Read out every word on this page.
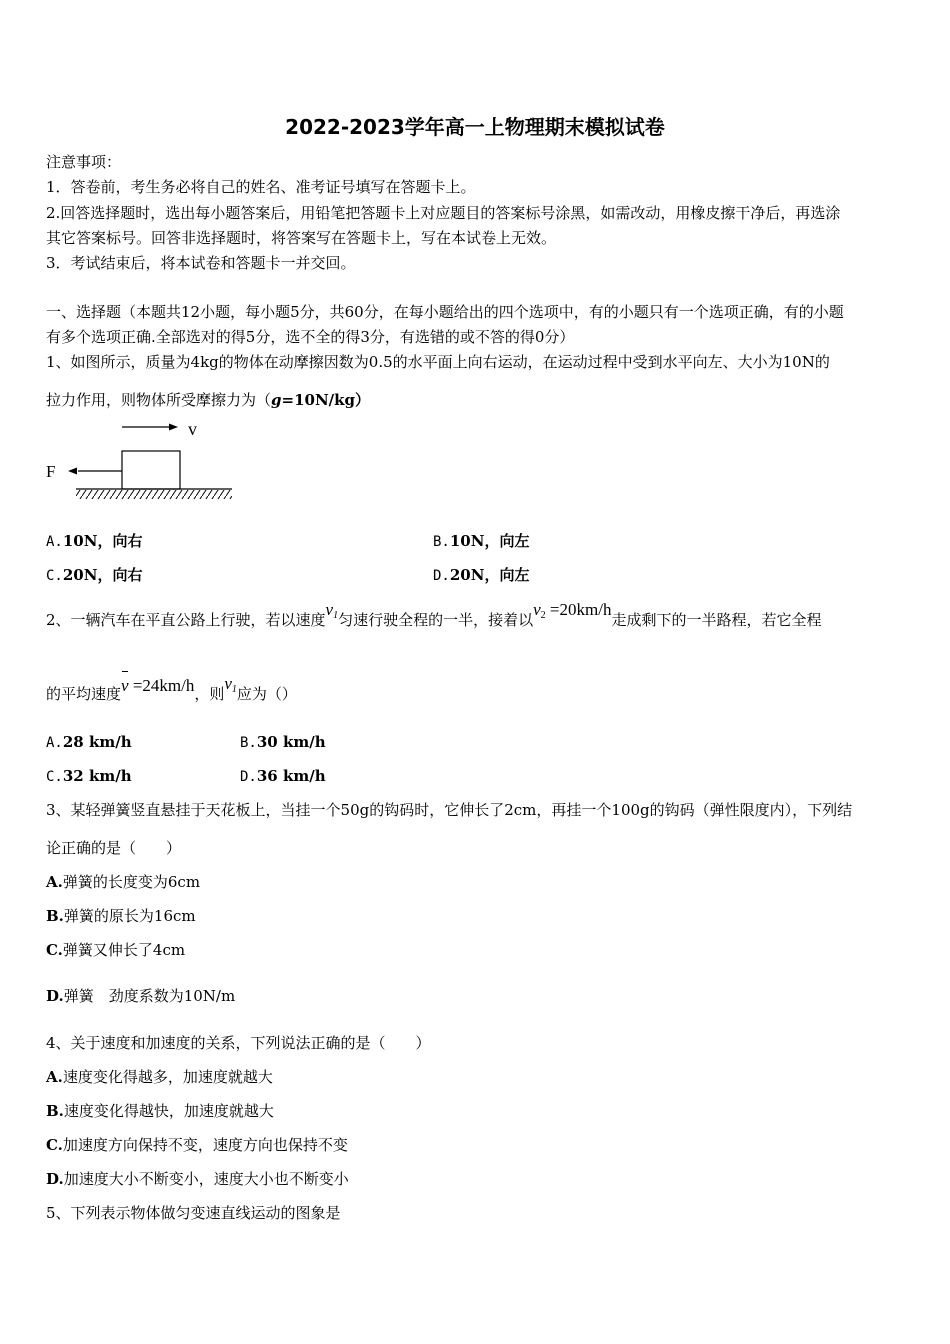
2022-2023学年高一上物理期末模拟试卷
注意事项：
1．答卷前，考生务必将自己的姓名、准考证号填写在答题卡上。
2.回答选择题时，选出每小题答案后，用铅笔把答题卡上对应题目的答案标号涂黑，如需改动，用橡皮擦干净后，再选涂
其它答案标号。回答非选择题时，将答案写在答题卡上，写在本试卷上无效。
3．考试结束后，将本试卷和答题卡一并交回。
一、选择题（本题共12小题，每小题5分，共60分，在每小题给出的四个选项中，有的小题只有一个选项正确，有的小题
有多个选项正确.全部选对的得5分，选不全的得3分，有选错的或不答的得0分）
1、如图所示，质量为4kg的物体在动摩擦因数为0.5的水平面上向右运动，在运动过程中受到水平向左、大小为10N的
拉力作用，则物体所受摩擦力为（g=10N/kg）
v
F
A.10N，向右	B.10N，向左
C.20N，向右	D.20N，向左
2、一辆汽车在平直公路上行驶，若以速度$v_1$匀速行驶全程的一半，接着以$v_2 =20km/h$走成剩下的一半路程，若它全程
的平均速度v =24km/h，则$v_1$应为（）
A.28 km/h	B.30 km/h
C.32 km/h	D.36 km/h
3、某轻弹簧竖直悬挂于天花板上，当挂一个50g的钩码时，它伸长了2cm，再挂一个100g的钩码（弹性限度内），下列结
论正确的是（　　）
A.弹簧的长度变为6cm
B.弹簧的原长为16cm
C.弹簧又伸长了4cm
D.弹簧　劲度系数为10N/m
4、关于速度和加速度的关系，下列说法正确的是（　　）
A.速度变化得越多，加速度就越大
B.速度变化得越快，加速度就越大
C.加速度方向保持不变，速度方向也保持不变
D.加速度大小不断变小，速度大小也不断变小
5、下列表示物体做匀变速直线运动的图象是
